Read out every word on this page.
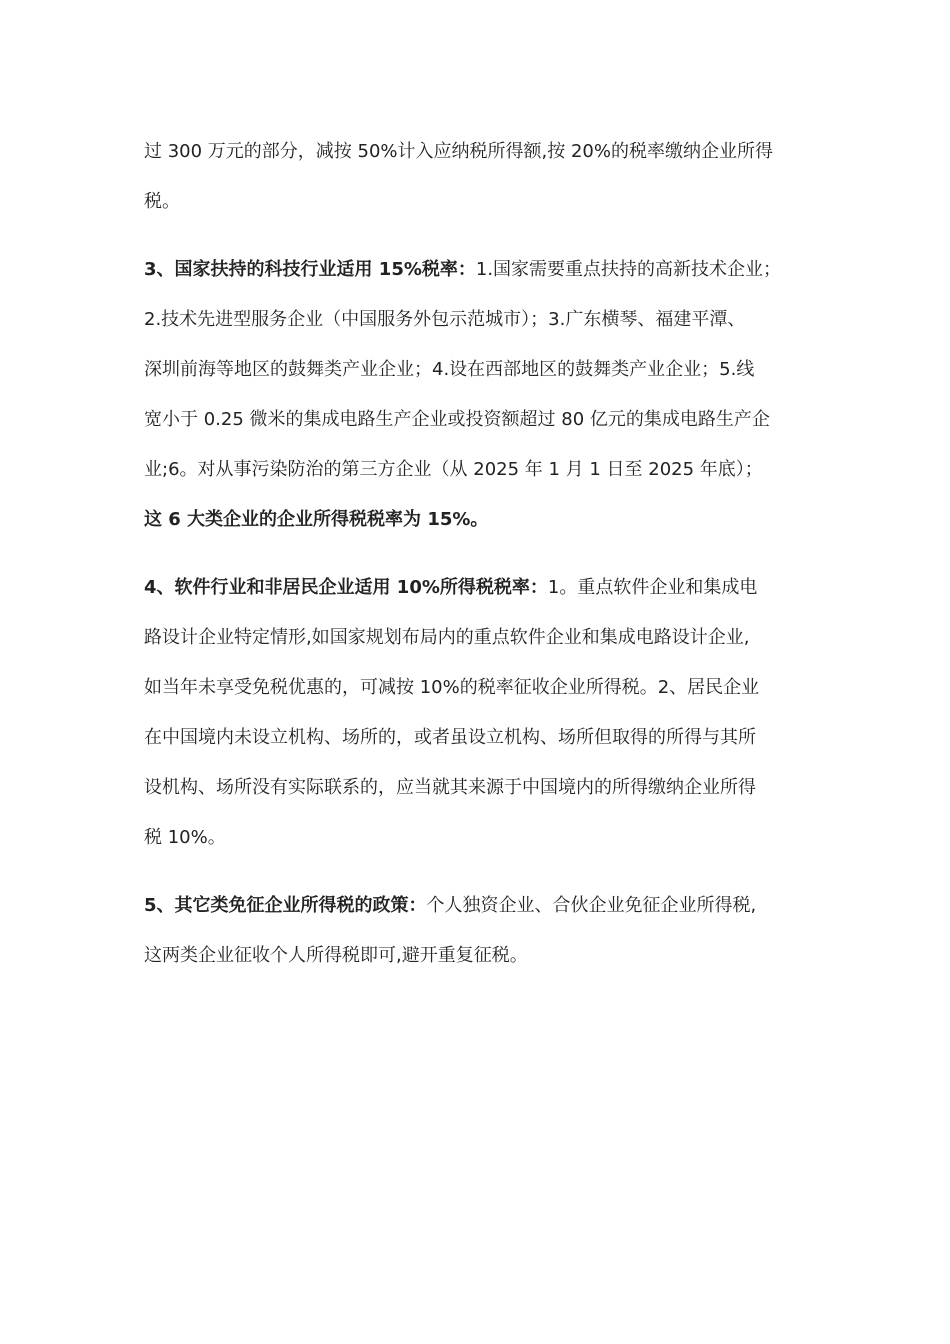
过 300 万元的部分，减按 50%计入应纳税所得额,按 20%的税率缴纳企业所得
税。
3、国家扶持的科技行业适用 15%税率：1.国家需要重点扶持的高新技术企业；
2.技术先进型服务企业（中国服务外包示范城市）；3.广东横琴、福建平潭、
深圳前海等地区的鼓舞类产业企业；4.设在西部地区的鼓舞类产业企业；5.线
宽小于 0.25 微米的集成电路生产企业或投资额超过 80 亿元的集成电路生产企
业;6。对从事污染防治的第三方企业（从 2025 年 1 月 1 日至 2025 年底）；
这 6 大类企业的企业所得税税率为 15%。
4、软件行业和非居民企业适用 10%所得税税率：1。重点软件企业和集成电
路设计企业特定情形,如国家规划布局内的重点软件企业和集成电路设计企业,
如当年未享受免税优惠的，可减按 10%的税率征收企业所得税。2、居民企业
在中国境内未设立机构、场所的，或者虽设立机构、场所但取得的所得与其所
设机构、场所没有实际联系的，应当就其来源于中国境内的所得缴纳企业所得
税 10%。
5、其它类免征企业所得税的政策：个人独资企业、合伙企业免征企业所得税,
这两类企业征收个人所得税即可,避开重复征税。
